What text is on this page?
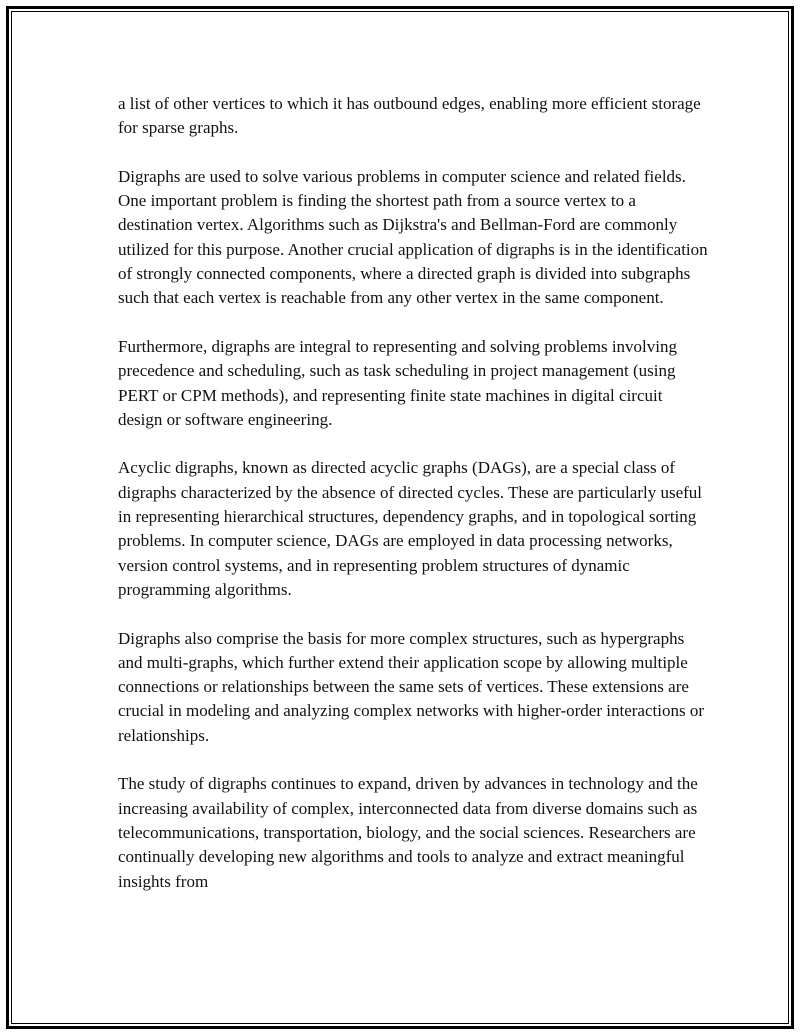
a list of other vertices to which it has outbound edges, enabling more efficient storage for sparse graphs.

Digraphs are used to solve various problems in computer science and related fields. One important problem is finding the shortest path from a source vertex to a destination vertex. Algorithms such as Dijkstra's and Bellman-Ford are commonly utilized for this purpose. Another crucial application of digraphs is in the identification of strongly connected components, where a directed graph is divided into subgraphs such that each vertex is reachable from any other vertex in the same component.

Furthermore, digraphs are integral to representing and solving problems involving precedence and scheduling, such as task scheduling in project management (using PERT or CPM methods), and representing finite state machines in digital circuit design or software engineering.

Acyclic digraphs, known as directed acyclic graphs (DAGs), are a special class of digraphs characterized by the absence of directed cycles. These are particularly useful in representing hierarchical structures, dependency graphs, and in topological sorting problems. In computer science, DAGs are employed in data processing networks, version control systems, and in representing problem structures of dynamic programming algorithms.

Digraphs also comprise the basis for more complex structures, such as hypergraphs and multi-graphs, which further extend their application scope by allowing multiple connections or relationships between the same sets of vertices. These extensions are crucial in modeling and analyzing complex networks with higher-order interactions or relationships.

The study of digraphs continues to expand, driven by advances in technology and the increasing availability of complex, interconnected data from diverse domains such as telecommunications, transportation, biology, and the social sciences. Researchers are continually developing new algorithms and tools to analyze and extract meaningful insights from
